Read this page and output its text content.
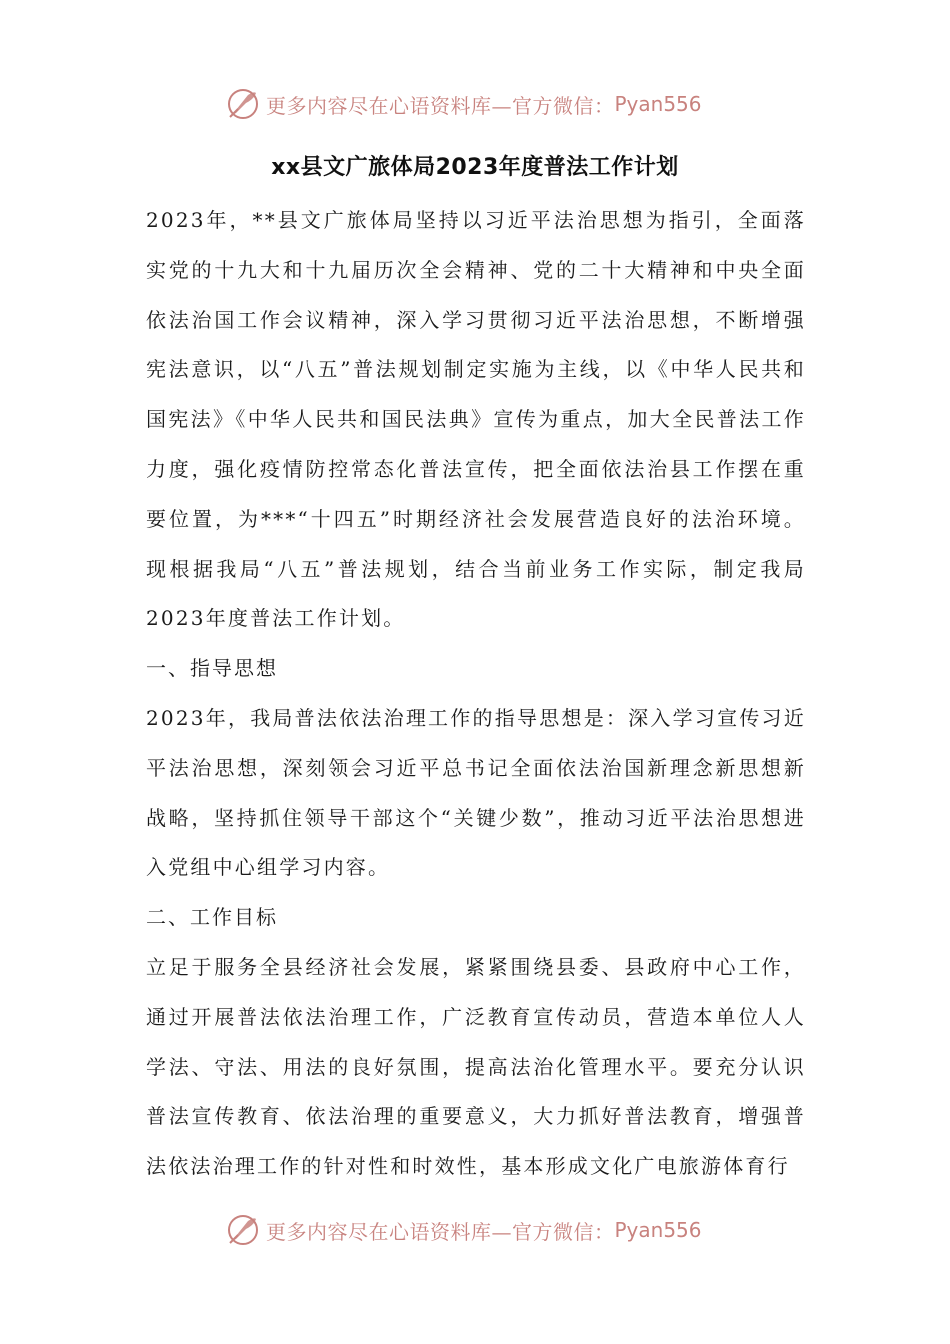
更多内容尽在心语资料库—官方微信： Pyan556
xx县文广旅体局2023年度普法工作计划

2023年，**县文广旅体局坚持以习近平法治思想为指引，全面落实党的十九大和十九届历次全会精神、党的二十大精神和中央全面依法治国工作会议精神，深入学习贯彻习近平法治思想，不断增强宪法意识，以“八五”普法规划制定实施为主线，以《中华人民共和国宪法》《中华人民共和国民法典》宣传为重点，加大全民普法工作力度，强化疫情防控常态化普法宣传，把全面依法治县工作摆在重要位置，为***“十四五”时期经济社会发展营造良好的法治环境。现根据我局“八五”普法规划，结合当前业务工作实际，制定我局2023年度普法工作计划。

一、指导思想

2023年，我局普法依法治理工作的指导思想是：深入学习宣传习近平法治思想，深刻领会习近平总书记全面依法治国新理念新思想新战略，坚持抓住领导干部这个“关键少数”，推动习近平法治思想进入党组中心组学习内容。

二、工作目标

立足于服务全县经济社会发展，紧紧围绕县委、县政府中心工作，通过开展普法依法治理工作，广泛教育宣传动员，营造本单位人人学法、守法、用法的良好氛围，提高法治化管理水平。要充分认识普法宣传教育、依法治理的重要意义，大力抓好普法教育，增强普法依法治理工作的针对性和时效性，基本形成文化广电旅游体育行

更多内容尽在心语资料库—官方微信： Pyan556
